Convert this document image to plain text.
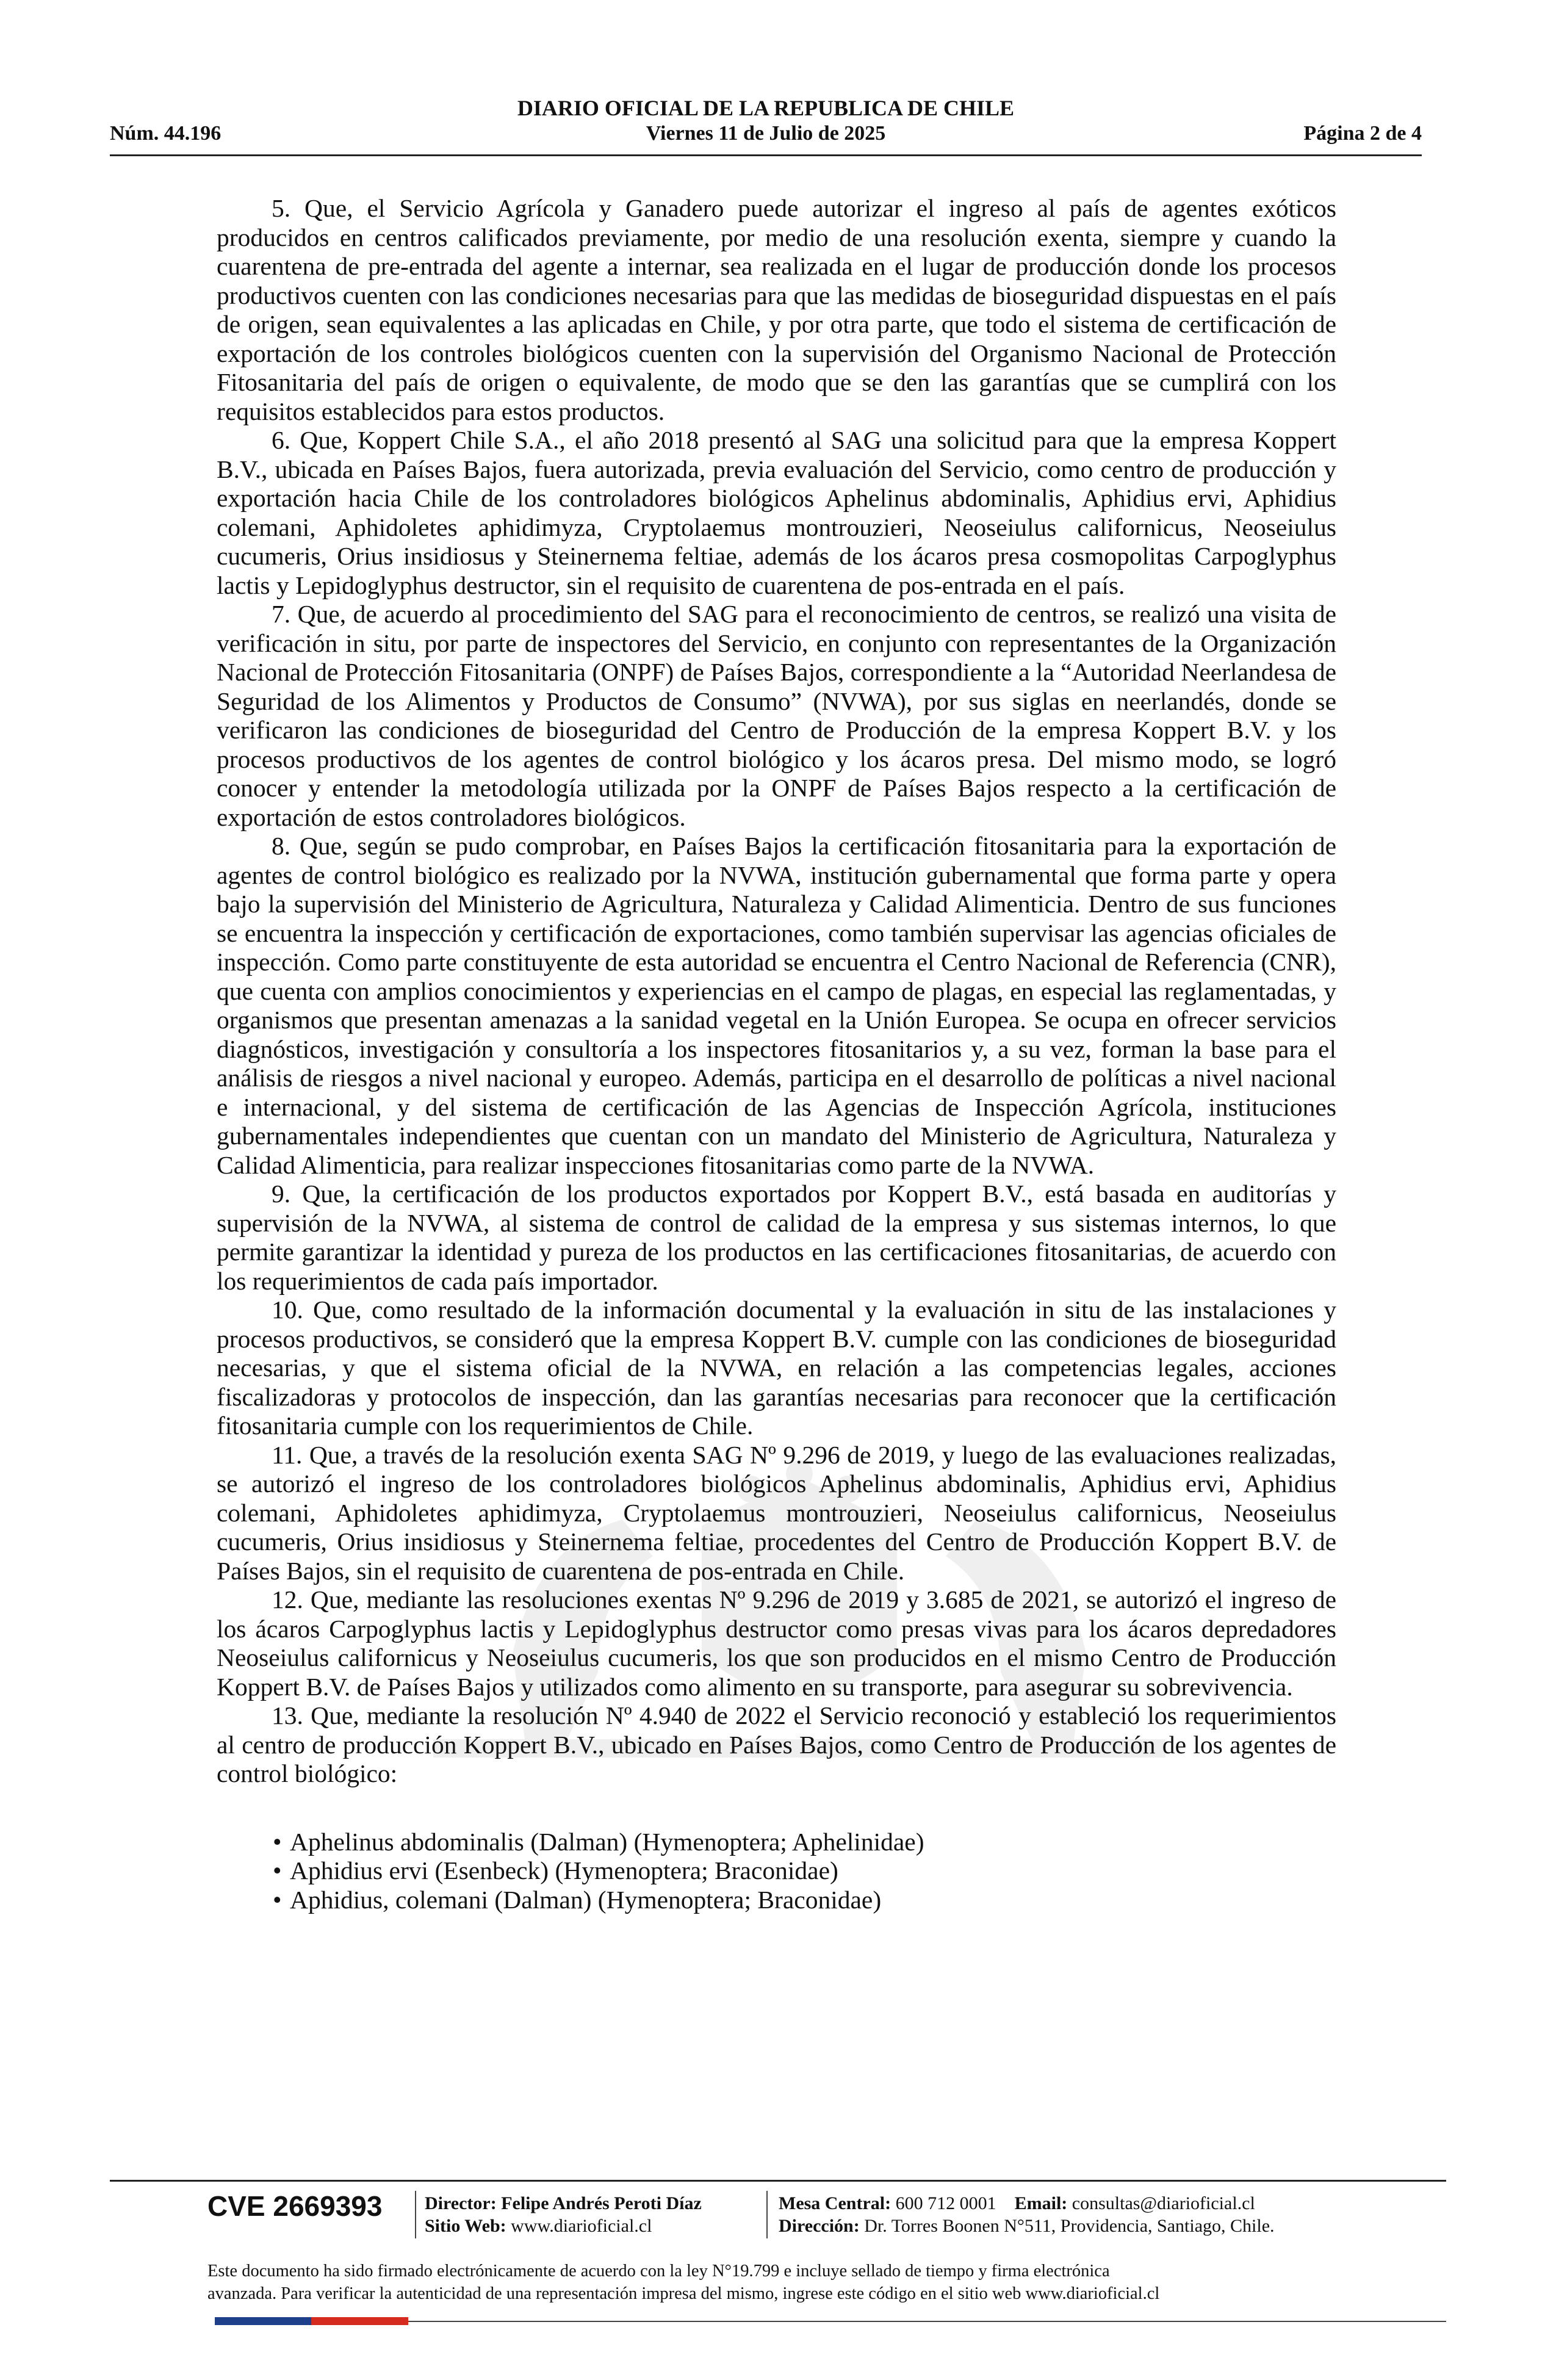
DIARIO OFICIAL DE LA REPUBLICA DE CHILE
Núm. 44.196	Viernes 11 de Julio de 2025	Página 2 de 4

5. Que, el Servicio Agrícola y Ganadero puede autorizar el ingreso al país de agentes exóticos producidos en centros calificados previamente, por medio de una resolución exenta, siempre y cuando la cuarentena de pre-entrada del agente a internar, sea realizada en el lugar de producción donde los procesos productivos cuenten con las condiciones necesarias para que las medidas de bioseguridad dispuestas en el país de origen, sean equivalentes a las aplicadas en Chile, y por otra parte, que todo el sistema de certificación de exportación de los controles biológicos cuenten con la supervisión del Organismo Nacional de Protección Fitosanitaria del país de origen o equivalente, de modo que se den las garantías que se cumplirá con los requisitos establecidos para estos productos.

6. Que, Koppert Chile S.A., el año 2018 presentó al SAG una solicitud para que la empresa Koppert B.V., ubicada en Países Bajos, fuera autorizada, previa evaluación del Servicio, como centro de producción y exportación hacia Chile de los controladores biológicos Aphelinus abdominalis, Aphidius ervi, Aphidius colemani, Aphidoletes aphidimyza, Cryptolaemus montrouzieri, Neoseiulus californicus, Neoseiulus cucumeris, Orius insidiosus y Steinernema feltiae, además de los ácaros presa cosmopolitas Carpoglyphus lactis y Lepidoglyphus destructor, sin el requisito de cuarentena de pos-entrada en el país.

7. Que, de acuerdo al procedimiento del SAG para el reconocimiento de centros, se realizó una visita de verificación in situ, por parte de inspectores del Servicio, en conjunto con representantes de la Organización Nacional de Protección Fitosanitaria (ONPF) de Países Bajos, correspondiente a la “Autoridad Neerlandesa de Seguridad de los Alimentos y Productos de Consumo” (NVWA), por sus siglas en neerlandés, donde se verificaron las condiciones de bioseguridad del Centro de Producción de la empresa Koppert B.V. y los procesos productivos de los agentes de control biológico y los ácaros presa. Del mismo modo, se logró conocer y entender la metodología utilizada por la ONPF de Países Bajos respecto a la certificación de exportación de estos controladores biológicos.

8. Que, según se pudo comprobar, en Países Bajos la certificación fitosanitaria para la exportación de agentes de control biológico es realizado por la NVWA, institución gubernamental que forma parte y opera bajo la supervisión del Ministerio de Agricultura, Naturaleza y Calidad Alimenticia. Dentro de sus funciones se encuentra la inspección y certificación de exportaciones, como también supervisar las agencias oficiales de inspección. Como parte constituyente de esta autoridad se encuentra el Centro Nacional de Referencia (CNR), que cuenta con amplios conocimientos y experiencias en el campo de plagas, en especial las reglamentadas, y organismos que presentan amenazas a la sanidad vegetal en la Unión Europea. Se ocupa en ofrecer servicios diagnósticos, investigación y consultoría a los inspectores fitosanitarios y, a su vez, forman la base para el análisis de riesgos a nivel nacional y europeo. Además, participa en el desarrollo de políticas a nivel nacional e internacional, y del sistema de certificación de las Agencias de Inspección Agrícola, instituciones gubernamentales independientes que cuentan con un mandato del Ministerio de Agricultura, Naturaleza y Calidad Alimenticia, para realizar inspecciones fitosanitarias como parte de la NVWA.

9. Que, la certificación de los productos exportados por Koppert B.V., está basada en auditorías y supervisión de la NVWA, al sistema de control de calidad de la empresa y sus sistemas internos, lo que permite garantizar la identidad y pureza de los productos en las certificaciones fitosanitarias, de acuerdo con los requerimientos de cada país importador.

10. Que, como resultado de la información documental y la evaluación in situ de las instalaciones y procesos productivos, se consideró que la empresa Koppert B.V. cumple con las condiciones de bioseguridad necesarias, y que el sistema oficial de la NVWA, en relación a las competencias legales, acciones fiscalizadoras y protocolos de inspección, dan las garantías necesarias para reconocer que la certificación fitosanitaria cumple con los requerimientos de Chile.

11. Que, a través de la resolución exenta SAG Nº 9.296 de 2019, y luego de las evaluaciones realizadas, se autorizó el ingreso de los controladores biológicos Aphelinus abdominalis, Aphidius ervi, Aphidius colemani, Aphidoletes aphidimyza, Cryptolaemus montrouzieri, Neoseiulus californicus, Neoseiulus cucumeris, Orius insidiosus y Steinernema feltiae, procedentes del Centro de Producción Koppert B.V. de Países Bajos, sin el requisito de cuarentena de pos-entrada en Chile.

12. Que, mediante las resoluciones exentas Nº 9.296 de 2019 y 3.685 de 2021, se autorizó el ingreso de los ácaros Carpoglyphus lactis y Lepidoglyphus destructor como presas vivas para los ácaros depredadores Neoseiulus californicus y Neoseiulus cucumeris, los que son producidos en el mismo Centro de Producción Koppert B.V. de Países Bajos y utilizados como alimento en su transporte, para asegurar su sobrevivencia.

13. Que, mediante la resolución Nº 4.940 de 2022 el Servicio reconoció y estableció los requerimientos al centro de producción Koppert B.V., ubicado en Países Bajos, como Centro de Producción de los agentes de control biológico:

• Aphelinus abdominalis (Dalman) (Hymenoptera; Aphelinidae)
• Aphidius ervi (Esenbeck) (Hymenoptera; Braconidae)
• Aphidius, colemani (Dalman) (Hymenoptera; Braconidae)
CVE 2669393 Director: Felipe Andrés Peroti Díaz
Sitio Web: www.diarioficial.cl
Mesa Central: 600 712 0001 Email: consultas@diarioficial.cl
Dirección: Dr. Torres Boonen N°511, Providencia, Santiago, Chile.
Este documento ha sido firmado electrónicamente de acuerdo con la ley N°19.799 e incluye sellado de tiempo y firma electrónica
avanzada. Para verificar la autenticidad de una representación impresa del mismo, ingrese este código en el sitio web www.diarioficial.cl
